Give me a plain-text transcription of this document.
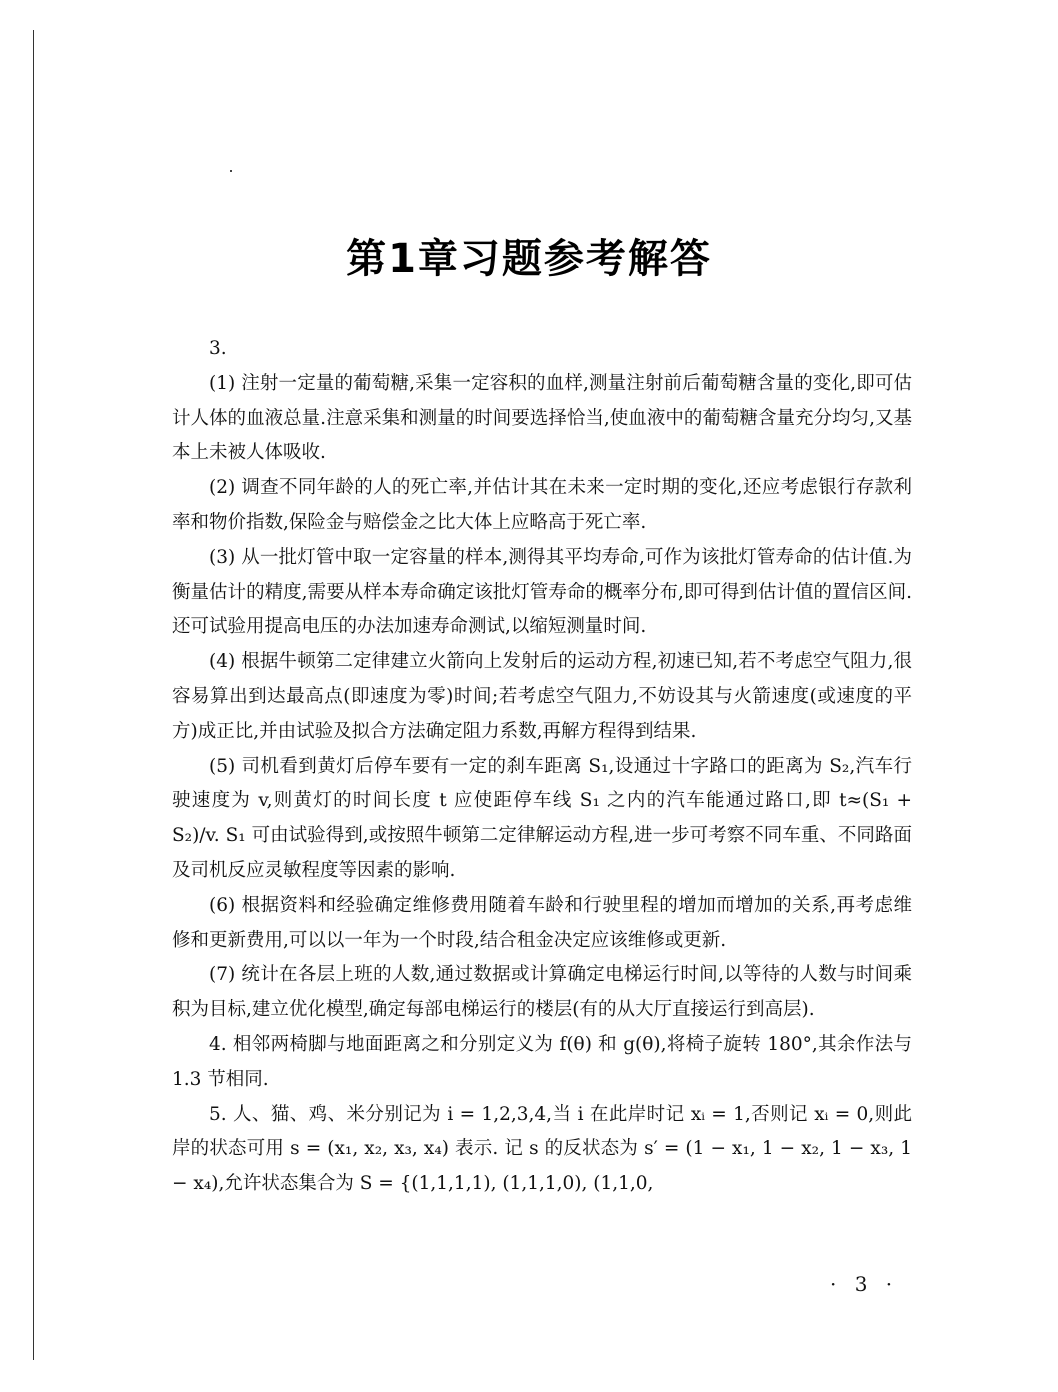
第1章习题参考解答

3.

(1) 注射一定量的葡萄糖,采集一定容积的血样,测量注射前后葡萄糖含量的变化,即可估计人体的血液总量.注意采集和测量的时间要选择恰当,使血液中的葡萄糖含量充分均匀,又基本上未被人体吸收.

(2) 调查不同年龄的人的死亡率,并估计其在未来一定时期的变化,还应考虑银行存款利率和物价指数,保险金与赔偿金之比大体上应略高于死亡率.

(3) 从一批灯管中取一定容量的样本,测得其平均寿命,可作为该批灯管寿命的估计值.为衡量估计的精度,需要从样本寿命确定该批灯管寿命的概率分布,即可得到估计值的置信区间.还可试验用提高电压的办法加速寿命测试,以缩短测量时间.

(4) 根据牛顿第二定律建立火箭向上发射后的运动方程,初速已知,若不考虑空气阻力,很容易算出到达最高点(即速度为零)时间;若考虑空气阻力,不妨设其与火箭速度(或速度的平方)成正比,并由试验及拟合方法确定阻力系数,再解方程得到结果.

(5) 司机看到黄灯后停车要有一定的刹车距离 S₁,设通过十字路口的距离为 S₂,汽车行驶速度为 v,则黄灯的时间长度 t 应使距停车线 S₁ 之内的汽车能通过路口,即 t≈(S₁ + S₂)/v. S₁ 可由试验得到,或按照牛顿第二定律解运动方程,进一步可考察不同车重、不同路面及司机反应灵敏程度等因素的影响.

(6) 根据资料和经验确定维修费用随着车龄和行驶里程的增加而增加的关系,再考虑维修和更新费用,可以以一年为一个时段,结合租金决定应该维修或更新.

(7) 统计在各层上班的人数,通过数据或计算确定电梯运行时间,以等待的人数与时间乘积为目标,建立优化模型,确定每部电梯运行的楼层(有的从大厅直接运行到高层).

4. 相邻两椅脚与地面距离之和分别定义为 f(θ) 和 g(θ),将椅子旋转 180°,其余作法与 1.3 节相同.

5. 人、猫、鸡、米分别记为 i = 1,2,3,4,当 i 在此岸时记 xᵢ = 1,否则记 xᵢ = 0,则此岸的状态可用 s = (x₁, x₂, x₃, x₄) 表示. 记 s 的反状态为 s′ = (1 − x₁, 1 − x₂, 1 − x₃, 1 − x₄),允许状态集合为 S = {(1,1,1,1), (1,1,1,0), (1,1,0,

· 3 ·
